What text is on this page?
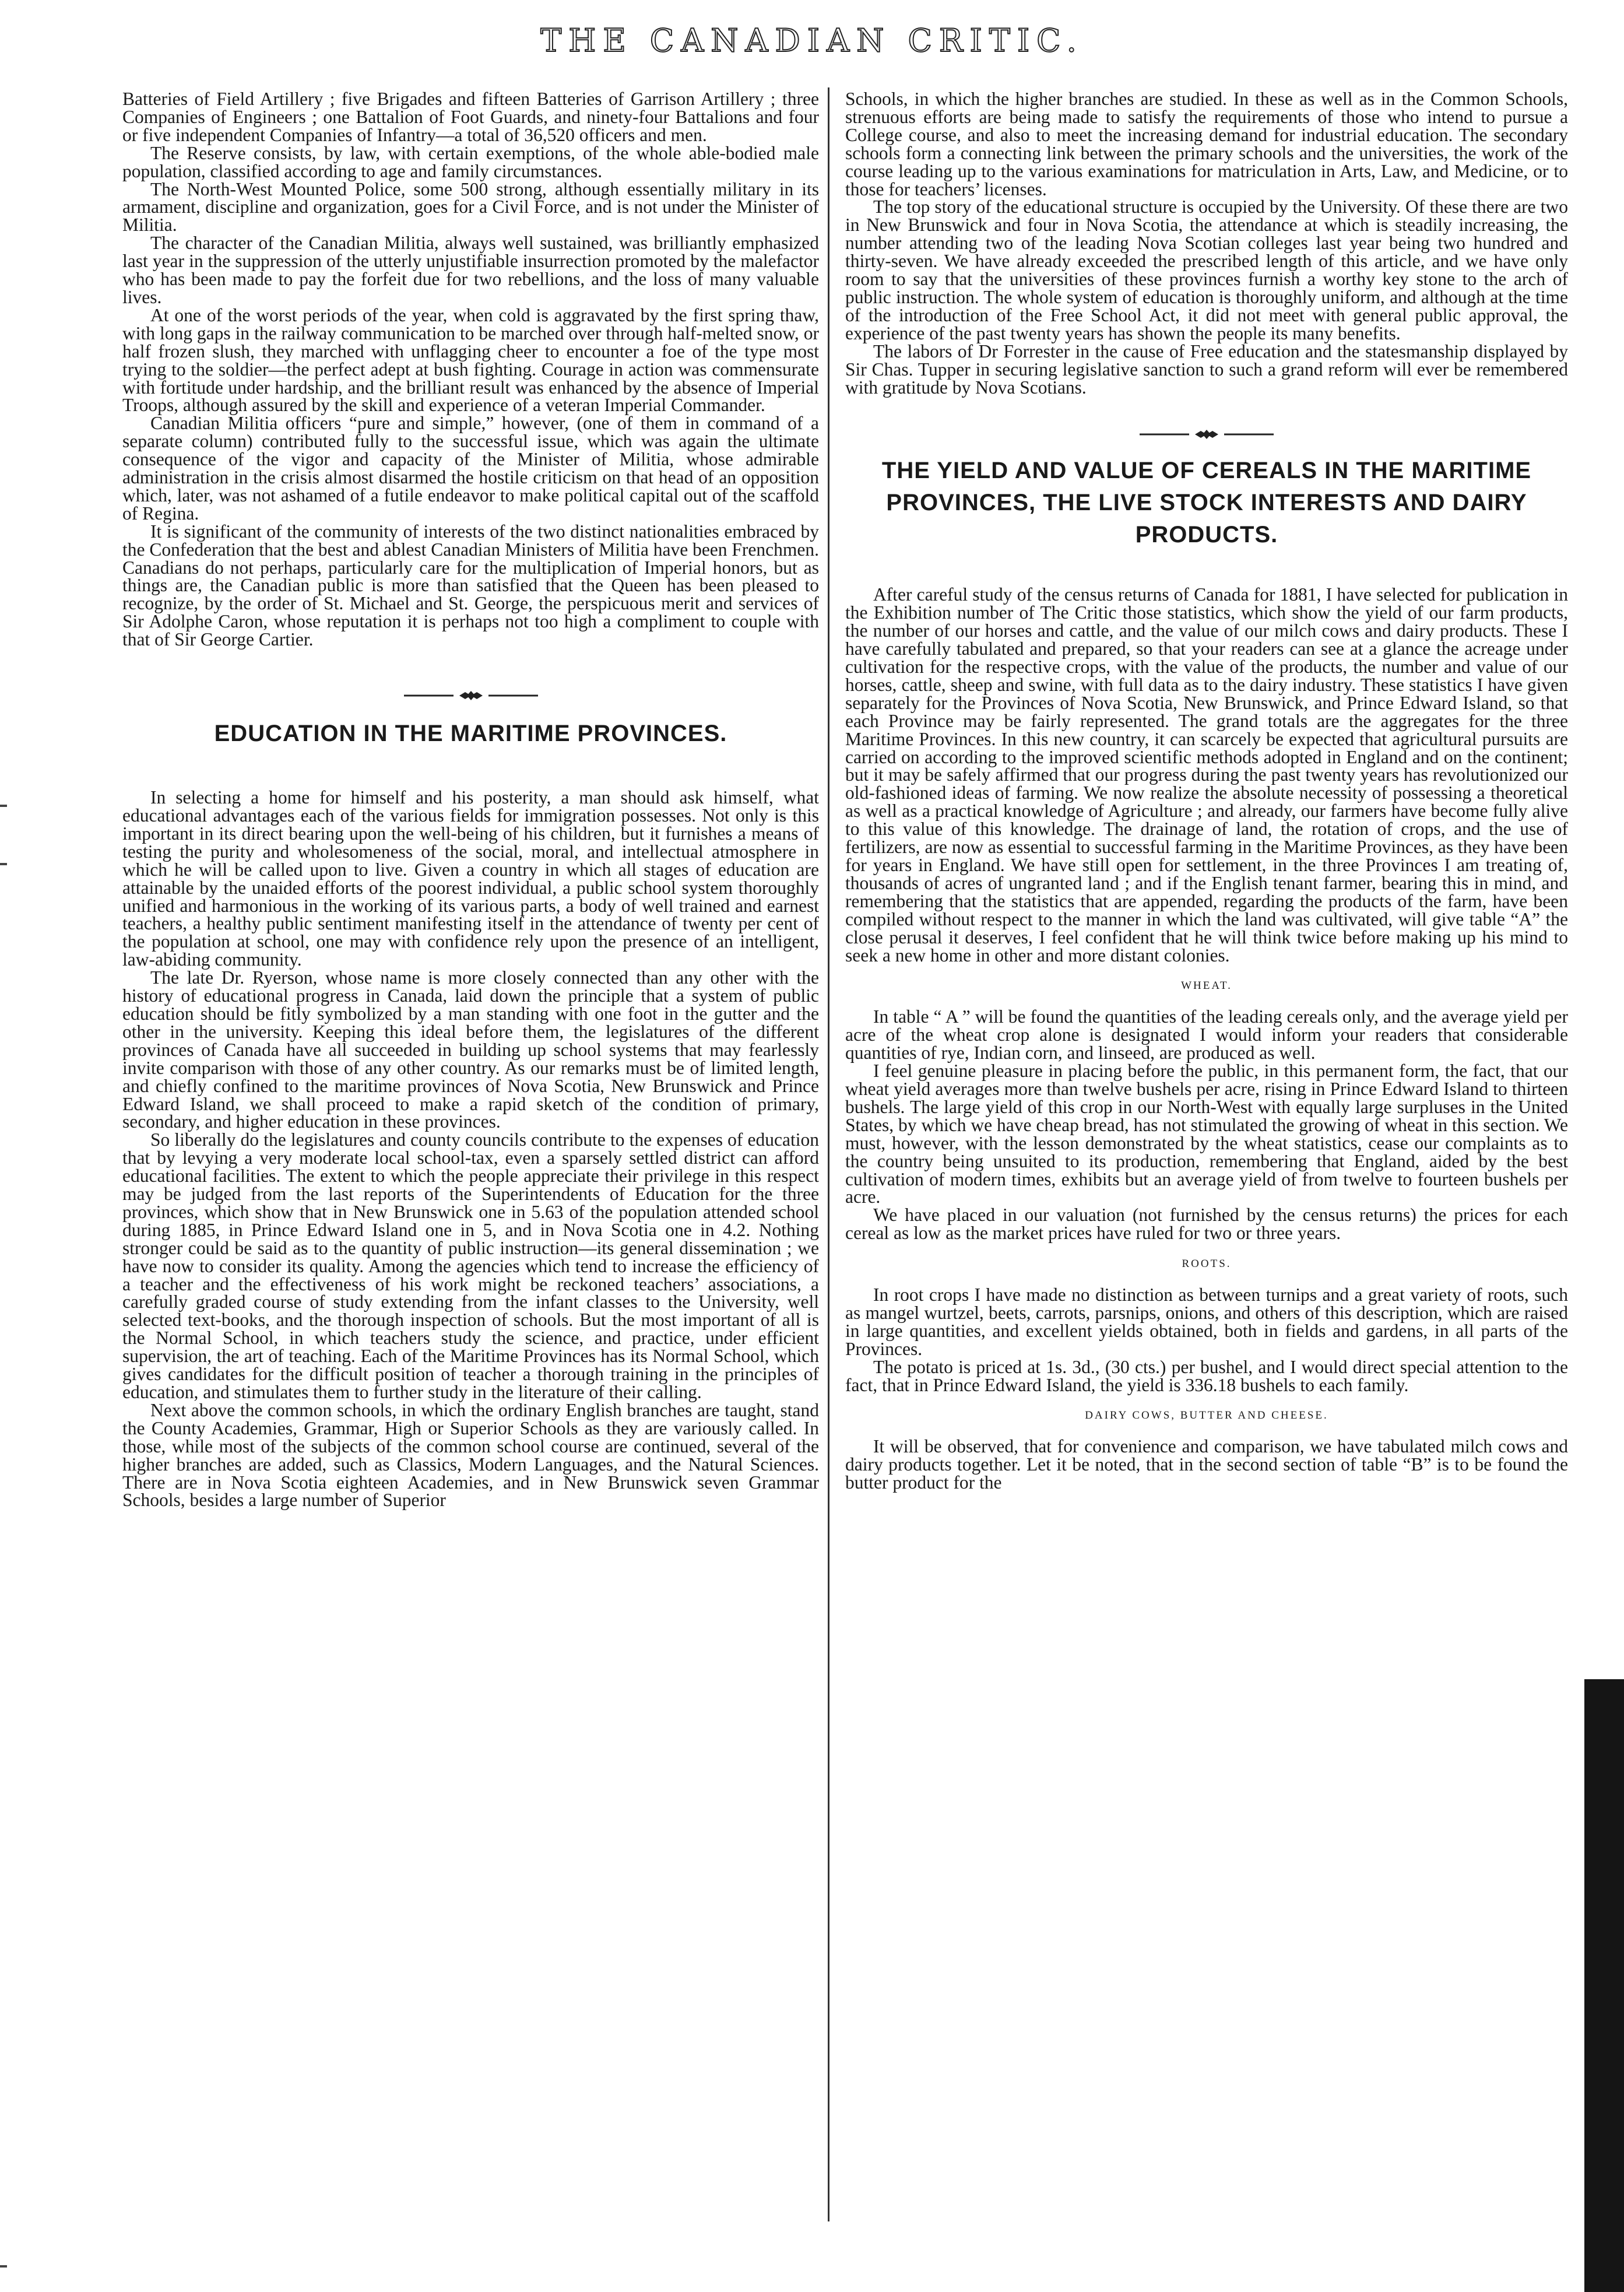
THE CANADIAN CRITIC.

Batteries of Field Artillery ; five Brigades and fifteen Batteries of Garrison Artillery ; three Companies of Engineers ; one Battalion of Foot Guards, and ninety-four Battalions and four or five independent Companies of Infantry—a total of 36,520 officers and men.

The Reserve consists, by law, with certain exemptions, of the whole able-bodied male population, classified according to age and family circumstances.

The North-West Mounted Police, some 500 strong, although essentially military in its armament, discipline and organization, goes for a Civil Force, and is not under the Minister of Militia.

The character of the Canadian Militia, always well sustained, was brilliantly emphasized last year in the suppression of the utterly unjustifiable insurrection promoted by the malefactor who has been made to pay the forfeit due for two rebellions, and the loss of many valuable lives.

At one of the worst periods of the year, when cold is aggravated by the first spring thaw, with long gaps in the railway communication to be marched over through half-melted snow, or half frozen slush, they marched with unflagging cheer to encounter a foe of the type most trying to the soldier—the perfect adept at bush fighting. Courage in action was commensurate with fortitude under hardship, and the brilliant result was enhanced by the absence of Imperial Troops, although assured by the skill and experience of a veteran Imperial Commander.

Canadian Militia officers “pure and simple,” however, (one of them in command of a separate column) contributed fully to the successful issue, which was again the ultimate consequence of the vigor and capacity of the Minister of Militia, whose admirable administration in the crisis almost disarmed the hostile criticism on that head of an opposition which, later, was not ashamed of a futile endeavor to make political capital out of the scaffold of Regina.

It is significant of the community of interests of the two distinct nationalities embraced by the Confederation that the best and ablest Canadian Ministers of Militia have been Frenchmen. Canadians do not perhaps, particularly care for the multiplication of Imperial honors, but as things are, the Canadian public is more than satisfied that the Queen has been pleased to recognize, by the order of St. Michael and St. George, the perspicuous merit and services of Sir Adolphe Caron, whose reputation it is perhaps not too high a compliment to couple with that of Sir George Cartier.

EDUCATION IN THE MARITIME PROVINCES.

In selecting a home for himself and his posterity, a man should ask himself, what educational advantages each of the various fields for immigration possesses. Not only is this important in its direct bearing upon the well-being of his children, but it furnishes a means of testing the purity and wholesomeness of the social, moral, and intellectual atmosphere in which he will be called upon to live. Given a country in which all stages of education are attainable by the unaided efforts of the poorest individual, a public school system thoroughly unified and harmonious in the working of its various parts, a body of well trained and earnest teachers, a healthy public sentiment manifesting itself in the attendance of twenty per cent of the population at school, one may with confidence rely upon the presence of an intelligent, law-abiding community.

The late Dr. Ryerson, whose name is more closely connected than any other with the history of educational progress in Canada, laid down the principle that a system of public education should be fitly symbolized by a man standing with one foot in the gutter and the other in the university. Keeping this ideal before them, the legislatures of the different provinces of Canada have all succeeded in building up school systems that may fearlessly invite comparison with those of any other country. As our remarks must be of limited length, and chiefly confined to the maritime provinces of Nova Scotia, New Brunswick and Prince Edward Island, we shall proceed to make a rapid sketch of the condition of primary, secondary, and higher education in these provinces.

So liberally do the legislatures and county councils contribute to the expenses of education that by levying a very moderate local school-tax, even a sparsely settled district can afford educational facilities. The extent to which the people appreciate their privilege in this respect may be judged from the last reports of the Superintendents of Education for the three provinces, which show that in New Brunswick one in 5.63 of the population attended school during 1885, in Prince Edward Island one in 5, and in Nova Scotia one in 4.2. Nothing stronger could be said as to the quantity of public instruction—its general dissemination ; we have now to consider its quality. Among the agencies which tend to increase the efficiency of a teacher and the effectiveness of his work might be reckoned teachers’ associations, a carefully graded course of study extending from the infant classes to the University, well selected text-books, and the thorough inspection of schools. But the most important of all is the Normal School, in which teachers study the science, and practice, under efficient supervision, the art of teaching. Each of the Maritime Provinces has its Normal School, which gives candidates for the difficult position of teacher a thorough training in the principles of education, and stimulates them to further study in the literature of their calling.

Next above the common schools, in which the ordinary English branches are taught, stand the County Academies, Grammar, High or Superior Schools as they are variously called. In those, while most of the subjects of the common school course are continued, several of the higher branches are added, such as Classics, Modern Languages, and the Natural Sciences. There are in Nova Scotia eighteen Academies, and in New Brunswick seven Grammar Schools, besides a large number of Superior

Schools, in which the higher branches are studied. In these as well as in the Common Schools, strenuous efforts are being made to satisfy the requirements of those who intend to pursue a College course, and also to meet the increasing demand for industrial education. The secondary schools form a connecting link between the primary schools and the universities, the work of the course leading up to the various examinations for matriculation in Arts, Law, and Medicine, or to those for teachers’ licenses.

The top story of the educational structure is occupied by the University. Of these there are two in New Brunswick and four in Nova Scotia, the attendance at which is steadily increasing, the number attending two of the leading Nova Scotian colleges last year being two hundred and thirty-seven. We have already exceeded the prescribed length of this article, and we have only room to say that the universities of these provinces furnish a worthy key stone to the arch of public instruction. The whole system of education is thoroughly uniform, and although at the time of the introduction of the Free School Act, it did not meet with general public approval, the experience of the past twenty years has shown the people its many benefits.

The labors of Dr Forrester in the cause of Free education and the statesmanship displayed by Sir Chas. Tupper in securing legislative sanction to such a grand reform will ever be remembered with gratitude by Nova Scotians.

THE YIELD AND VALUE OF CEREALS IN THE MARITIME PROVINCES, THE LIVE STOCK INTERESTS AND DAIRY PRODUCTS.

After careful study of the census returns of Canada for 1881, I have selected for publication in the Exhibition number of The Critic those statistics, which show the yield of our farm products, the number of our horses and cattle, and the value of our milch cows and dairy products. These I have carefully tabulated and prepared, so that your readers can see at a glance the acreage under cultivation for the respective crops, with the value of the products, the number and value of our horses, cattle, sheep and swine, with full data as to the dairy industry. These statistics I have given separately for the Provinces of Nova Scotia, New Brunswick, and Prince Edward Island, so that each Province may be fairly represented. The grand totals are the aggregates for the three Maritime Provinces. In this new country, it can scarcely be expected that agricultural pursuits are carried on according to the improved scientific methods adopted in England and on the continent; but it may be safely affirmed that our progress during the past twenty years has revolutionized our old-fashioned ideas of farming. We now realize the absolute necessity of possessing a theoretical as well as a practical knowledge of Agriculture ; and already, our farmers have become fully alive to this value of this knowledge. The drainage of land, the rotation of crops, and the use of fertilizers, are now as essential to successful farming in the Maritime Provinces, as they have been for years in England. We have still open for settlement, in the three Provinces I am treating of, thousands of acres of ungranted land ; and if the English tenant farmer, bearing this in mind, and remembering that the statistics that are appended, regarding the products of the farm, have been compiled without respect to the manner in which the land was cultivated, will give table “A” the close perusal it deserves, I feel confident that he will think twice before making up his mind to seek a new home in other and more distant colonies.

WHEAT.

In table “ A ” will be found the quantities of the leading cereals only, and the average yield per acre of the wheat crop alone is designated I would inform your readers that considerable quantities of rye, Indian corn, and linseed, are produced as well.

I feel genuine pleasure in placing before the public, in this permanent form, the fact, that our wheat yield averages more than twelve bushels per acre, rising in Prince Edward Island to thirteen bushels. The large yield of this crop in our North-West with equally large surpluses in the United States, by which we have cheap bread, has not stimulated the growing of wheat in this section. We must, however, with the lesson demonstrated by the wheat statistics, cease our complaints as to the country being unsuited to its production, remembering that England, aided by the best cultivation of modern times, exhibits but an average yield of from twelve to fourteen bushels per acre.

We have placed in our valuation (not furnished by the census returns) the prices for each cereal as low as the market prices have ruled for two or three years.

ROOTS.

In root crops I have made no distinction as between turnips and a great variety of roots, such as mangel wurtzel, beets, carrots, parsnips, onions, and others of this description, which are raised in large quantities, and excellent yields obtained, both in fields and gardens, in all parts of the Provinces.

The potato is priced at 1s. 3d., (30 cts.) per bushel, and I would direct special attention to the fact, that in Prince Edward Island, the yield is 336.18 bushels to each family.

DAIRY COWS, BUTTER AND CHEESE.

It will be observed, that for convenience and comparison, we have tabulated milch cows and dairy products together. Let it be noted, that in the second section of table “B” is to be found the butter product for the
